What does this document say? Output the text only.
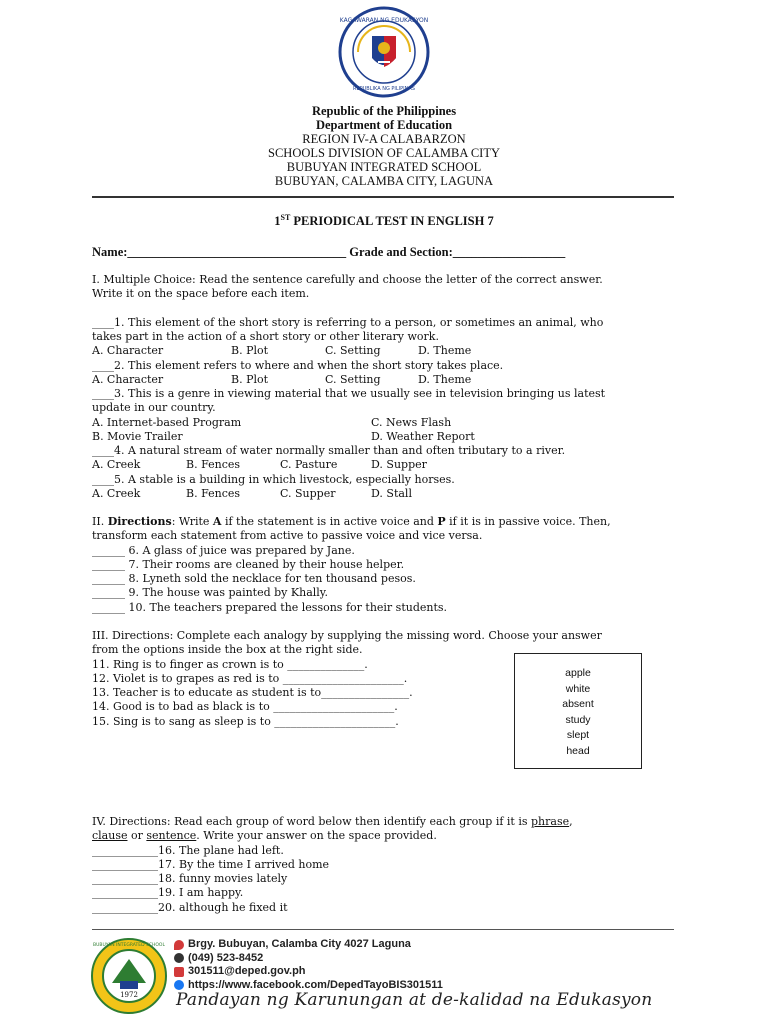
KAGAWARAN NG EDUKASYON
REPUBLIKA NG PILIPINAS
Republic of the Philippines
Department of Education
REGION IV-A CALABARZON
SCHOOLS DIVISION OF CALAMBA CITY
BUBUYAN INTEGRATED SCHOOL
BUBUYAN, CALAMBA CITY, LAGUNA
1ST PERIODICAL TEST IN ENGLISH 7
Name:___________________________________ Grade and Section:__________________
I. Multiple Choice: Read the sentence carefully and choose the letter of the correct answer.
Write it on the space before each item.
____1. This element of the short story is referring to a person, or sometimes an animal, who
takes part in the action of a short story or other literary work.
A. Character	B. Plot	C. Setting	D. Theme
____2. This element refers to where and when the short story takes place.
A. Character	B. Plot	C. Setting	D. Theme
____3. This is a genre in viewing material that we usually see in television bringing us latest
update in our country.
A. Internet-based Program	C. News Flash
B. Movie Trailer	D. Weather Report
____4. A natural stream of water normally smaller than and often tributary to a river.
A. Creek	B. Fences	C. Pasture	D. Supper
____5. A stable is a building in which livestock, especially horses.
A. Creek	B. Fences	C. Supper	D. Stall
II. Directions: Write A if the statement is in active voice and P if it is in passive voice. Then,
transform each statement from active to passive voice and vice versa.
______ 6. A glass of juice was prepared by Jane.
______ 7. Their rooms are cleaned by their house helper.
______ 8. Lyneth sold the necklace for ten thousand pesos.
______ 9. The house was painted by Khally.
______ 10. The teachers prepared the lessons for their students.
III. Directions: Complete each analogy by supplying the missing word. Choose your answer
from the options inside the box at the right side.
11. Ring is to finger as crown is to ______________.
12. Violet is to grapes as red is to ______________________.
13. Teacher is to educate as student is to________________.
14. Good is to bad as black is to ______________________.
15. Sing is to sang as sleep is to ______________________.
apple
white
absent
study
slept
head
IV. Directions: Read each group of word below then identify each group if it is phrase,
clause or sentence. Write your answer on the space provided.
____________16. The plane had left.
____________17. By the time I arrived home
____________18. funny movies lately
____________19. I am happy.
____________20. although he fixed it
1972
BUBUYAN INTEGRATED SCHOOL Brgy. Bubuyan, Calamba City 4027 Laguna
(049) 523-8452
301511@deped.gov.ph
https://www.facebook.com/DepedTayoBIS301511
Pandayan ng Karunungan at de-kalidad na Edukasyon
